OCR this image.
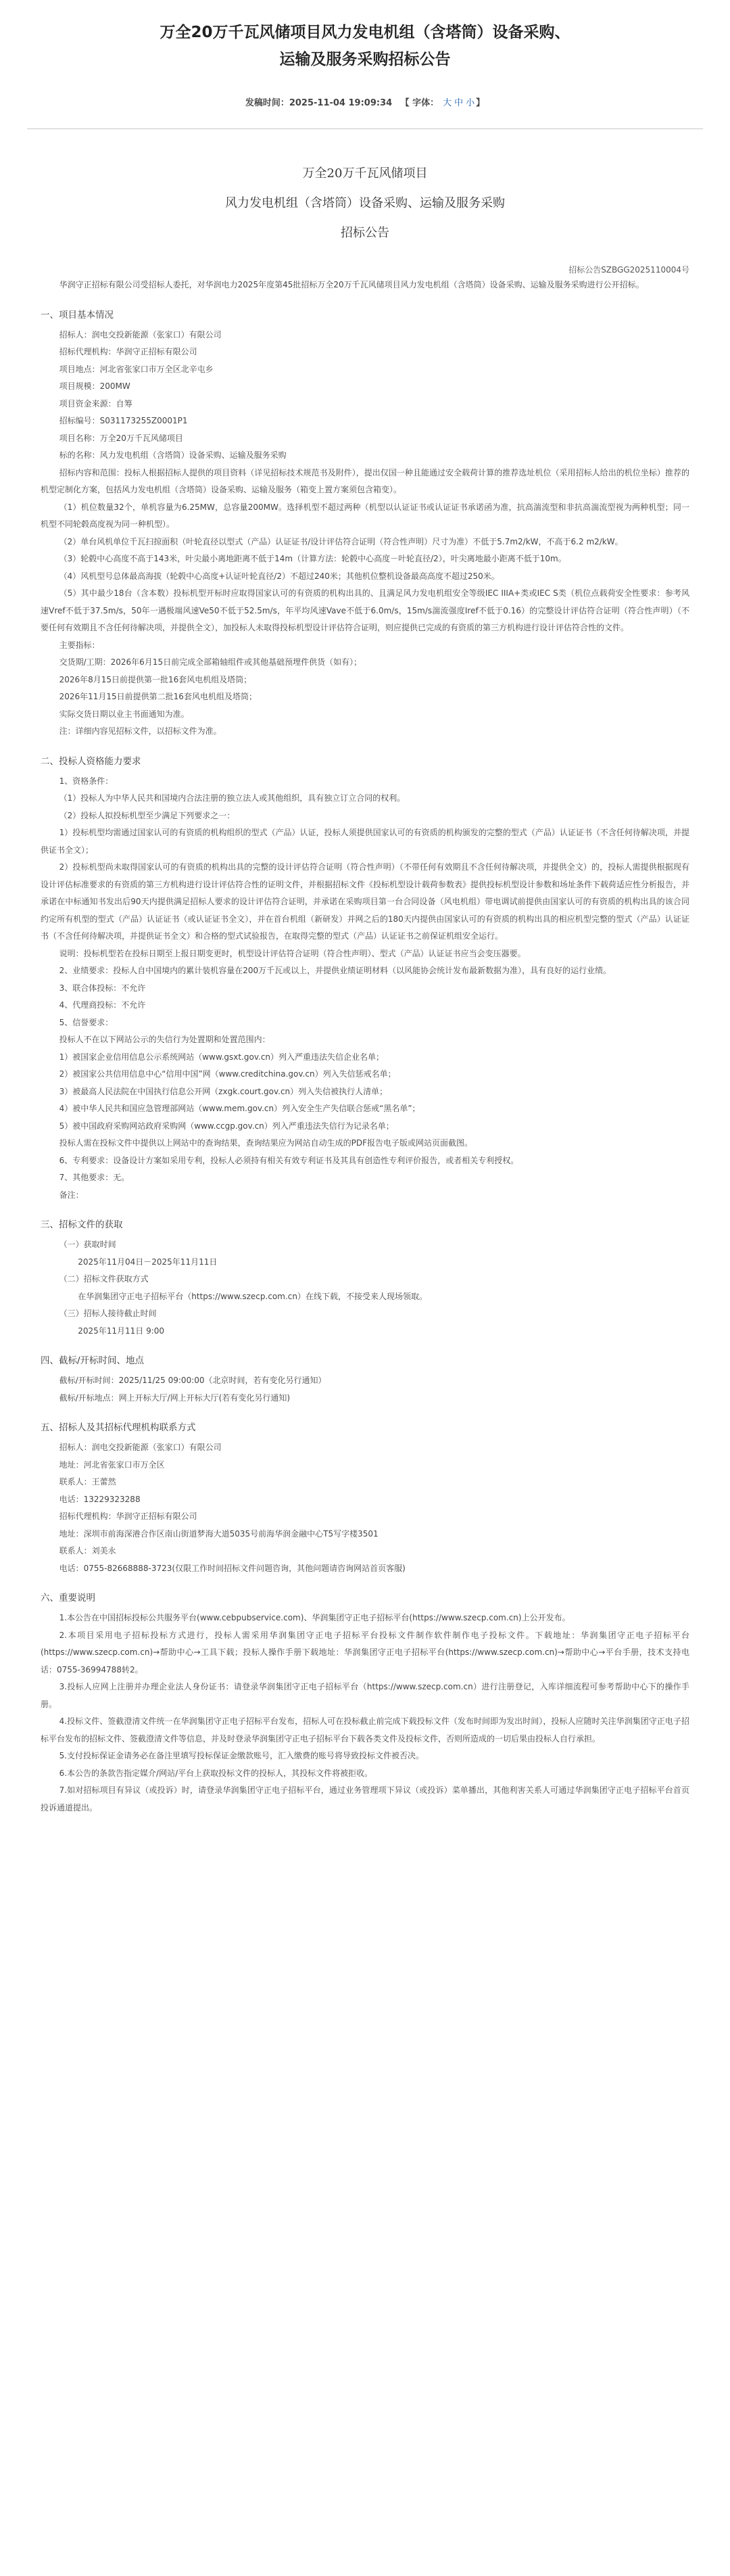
万全20万千瓦风储项目风力发电机组（含塔筒）设备采购、
运输及服务采购招标公告
发稿时间：2025-11-04 19:09:34 【 字体： 大 中 小 】
万全20万千瓦风储项目
风力发电机组（含塔筒）设备采购、运输及服务采购
招标公告
招标公告SZBGG2025110004号

华润守正招标有限公司受招标人委托，对华润电力2025年度第45批招标万全20万千瓦风储项目风力发电机组（含塔筒）设备采购、运输及服务采购进行公开招标。

一、项目基本情况

招标人：润电交投新能源（张家口）有限公司

招标代理机构：华润守正招标有限公司

项目地点：河北省张家口市万全区北辛屯乡

项目规模：200MW

项目资金来源：自筹

招标编号：S031173255Z0001P1

项目名称：万全20万千瓦风储项目

标的名称：风力发电机组（含塔筒）设备采购、运输及服务采购

招标内容和范围：投标人根据招标人提供的项目资料（详见招标技术规范书及附件），提出仅国一种且能通过安全载荷计算的推荐选址机位（采用招标人给出的机位坐标）推荐的机型定制化方案，包括风力发电机组（含塔筒）设备采购、运输及服务（箱变上置方案须包含箱变）。

（1）机位数量32个，单机容量为6.25MW，总容量200MW。选择机型不超过两种（机型以认证证书或认证证书承诺函为准，抗高湍流型和非抗高湍流型视为两种机型；同一机型不同轮毂高度视为同一种机型）。

（2）单台风机单位千瓦扫掠面积（叶轮直径以型式（产品）认证证书/设计评估符合证明（符合性声明）尺寸为准）不低于5.7m2/kW，不高于6.2 m2/kW。

（3）轮毂中心高度不高于143米，叶尖最小离地距离不低于14m（计算方法：轮毂中心高度－叶轮直径/2），叶尖离地最小距离不低于10m。

（4）风机型号总体最高海拔（轮毂中心高度+认证叶轮直径/2）不超过240米；其他机位整机设备最高高度不超过250米。

（5）其中最少18台（含本数）投标机型开标时应取得国家认可的有资质的机构出具的、且满足风力发电机组安全等级IEC IIIA+类或IEC S类（机位点载荷安全性要求：参考风速Vref不低于37.5m/s，50年一遇极端风速Ve50不低于52.5m/s，年平均风速Vave不低于6.0m/s，15m/s湍流强度Iref不低于0.16）的完整设计评估符合证明（符合性声明）（不要任何有效期且不含任何待解决项，并提供全文），加投标人未取得投标机型设计评估符合证明，则应提供已完成的有资质的第三方机构进行设计评估符合性的文件。

主要指标：

交货期/工期：2026年6月15日前完成全部箱轴组件或其他基础预埋件供货（如有）；

2026年8月15日前提供第一批16套风电机组及塔筒；

2026年11月15日前提供第二批16套风电机组及塔筒；

实际交货日期以业主书面通知为准。

注：详细内容见招标文件，以招标文件为准。

二、投标人资格能力要求

1、资格条件：

（1）投标人为中华人民共和国境内合法注册的独立法人或其他组织，具有独立订立合同的权利。

（2）投标人拟投标机型至少满足下列要求之一：

1）投标机型均需通过国家认可的有资质的机构组织的型式（产品）认证，投标人须提供国家认可的有资质的机构颁发的完整的型式（产品）认证证书（不含任何待解决项，并提供证书全文）；

2）投标机型尚未取得国家认可的有资质的机构出具的完整的设计评估符合证明（符合性声明）（不带任何有效期且不含任何待解决项，并提供全文）的，投标人需提供根据现有设计评估标准要求的有资质的第三方机构进行设计评估符合性的证明文件，并根据招标文件《投标机型设计载荷参数表》提供投标机型设计参数和场址条件下载荷适应性分析报告，并承诺在中标通知书发出后90天内提供满足招标人要求的设计评估符合证明，并承诺在采购项目第一台合同设备（风电机组）带电调试前提供由国家认可的有资质的机构出具的该合同约定所有机型的型式（产品）认证证书（或认证证书全文），并在首台机组（新研发）并网之后的180天内提供由国家认可的有资质的机构出具的相应机型完整的型式（产品）认证证书（不含任何待解决项，并提供证书全文）和合格的型式试验报告，在取得完整的型式（产品）认证证书之前保证机组安全运行。

说明：投标机型若在投标日期至上报日期变更时，机型设计评估符合证明（符合性声明）、型式（产品）认证证书应当会变压器要。

2、业绩要求：投标人自中国境内的累计装机容量在200万千瓦或以上，并提供业绩证明材料（以风能协会统计发布最新数据为准），具有良好的运行业绩。

3、联合体投标：不允许

4、代理商投标：不允许

5、信誉要求：

投标人不在以下网站公示的失信行为处置期和处置范围内：

1）被国家企业信用信息公示系统网站（www.gsxt.gov.cn）列入严重违法失信企业名单；

2）被国家公共信用信息中心“信用中国”网（www.creditchina.gov.cn）列入失信惩戒名单；

3）被最高人民法院在中国执行信息公开网（zxgk.court.gov.cn）列入失信被执行人清单；

4）被中华人民共和国应急管理部网站（www.mem.gov.cn）列入安全生产失信联合惩戒“黑名单”；

5）被中国政府采购网站政府采购网（www.ccgp.gov.cn）列入严重违法失信行为记录名单；

投标人需在投标文件中提供以上网站中的查询结果，查询结果应为网站自动生成的PDF报告电子版或网站页面截图。

6、专利要求：设备设计方案如采用专利，投标人必须持有相关有效专利证书及其具有创造性专利评价报告，或者相关专利授权。

7、其他要求：无。

备注：

三、招标文件的获取

（一）获取时间

2025年11月04日－2025年11月11日

（二）招标文件获取方式

在华润集团守正电子招标平台（https://www.szecp.com.cn）在线下载，不接受来人现场领取。

（三）招标人接待截止时间

2025年11月11日 9:00

四、截标/开标时间、地点

截标/开标时间：2025/11/25 09:00:00（北京时间，若有变化另行通知）

截标/开标地点：网上开标大厅/网上开标大厅(若有变化另行通知)

五、招标人及其招标代理机构联系方式

招标人：润电交投新能源（张家口）有限公司

地址：河北省张家口市万全区

联系人：王蕾然

电话：13229323288

招标代理机构：华润守正招标有限公司

地址：深圳市前海深港合作区南山街道梦海大道5035号前海华润金融中心T5写字楼3501

联系人：刘美永

电话：0755-82668888-3723(仅限工作时间招标文件问题咨询，其他问题请咨询网站首页客服)

六、重要说明

1.本公告在中国招标投标公共服务平台(www.cebpubservice.com)、华润集团守正电子招标平台(https://www.szecp.com.cn)上公开发布。

2.本项目采用电子招标投标方式进行，投标人需采用华润集团守正电子招标平台投标文件制作软件制作电子投标文件。下载地址：华润集团守正电子招标平台(https://www.szecp.com.cn)→帮助中心→工具下载；投标人操作手册下载地址：华润集团守正电子招标平台(https://www.szecp.com.cn)→帮助中心→平台手册，技术支持电话：0755-36994788转2。

3.投标人应网上注册并办理企业法人身份证书：请登录华润集团守正电子招标平台（https://www.szecp.com.cn）进行注册登记，入库详细流程可参考帮助中心下的操作手册。

4.投标文件、签截澄清文件统一在华润集团守正电子招标平台发布，招标人可在投标截止前完成下载投标文件（发布时间即为发出时间），投标人应随时关注华润集团守正电子招标平台发布的招标文件、签截澄清文件等信息，并及时登录华润集团守正电子招标平台下载各类文件及投标文件，否则所造成的一切后果由投标人自行承担。

5.支付投标保证金请务必在备注里填写投标保证金缴款账号，汇入缴费的账号将导致投标文件被否决。

6.本公告的条款告指定媒介/网站/平台上获取投标文件的投标人，其投标文件将被拒收。

7.如对招标项目有异议（或投诉）时，请登录华润集团守正电子招标平台，通过业务管理项下异议（或投诉）菜单播出，其他利害关系人可通过华润集团守正电子招标平台首页投诉通道提出。
